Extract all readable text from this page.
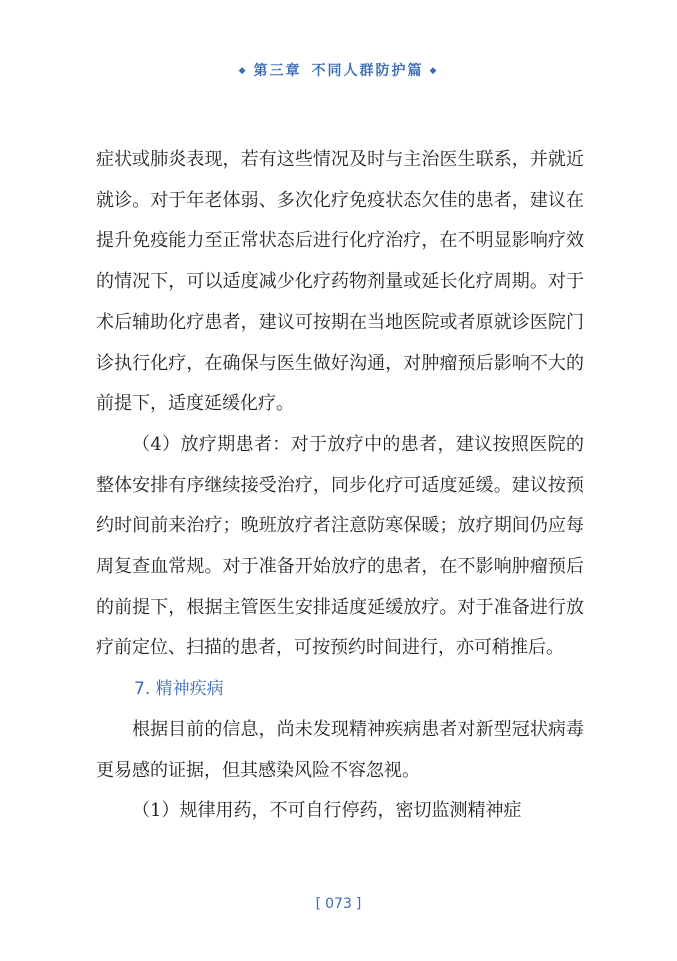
◆ 第三章 不同人群防护篇 ◆

症状或肺炎表现，若有这些情况及时与主治医生联系，并就近就诊。对于年老体弱、多次化疗免疫状态欠佳的患者，建议在提升免疫能力至正常状态后进行化疗治疗，在不明显影响疗效的情况下，可以适度减少化疗药物剂量或延长化疗周期。对于术后辅助化疗患者，建议可按期在当地医院或者原就诊医院门诊执行化疗，在确保与医生做好沟通，对肿瘤预后影响不大的前提下，适度延缓化疗。

（4）放疗期患者：对于放疗中的患者，建议按照医院的整体安排有序继续接受治疗，同步化疗可适度延缓。建议按预约时间前来治疗；晚班放疗者注意防寒保暖；放疗期间仍应每周复查血常规。对于准备开始放疗的患者，在不影响肿瘤预后的前提下，根据主管医生安排适度延缓放疗。对于准备进行放疗前定位、扫描的患者，可按预约时间进行，亦可稍推后。

7. 精神疾病

根据目前的信息，尚未发现精神疾病患者对新型冠状病毒更易感的证据，但其感染风险不容忽视。

（1）规律用药，不可自行停药，密切监测精神症

[ 073 ]
